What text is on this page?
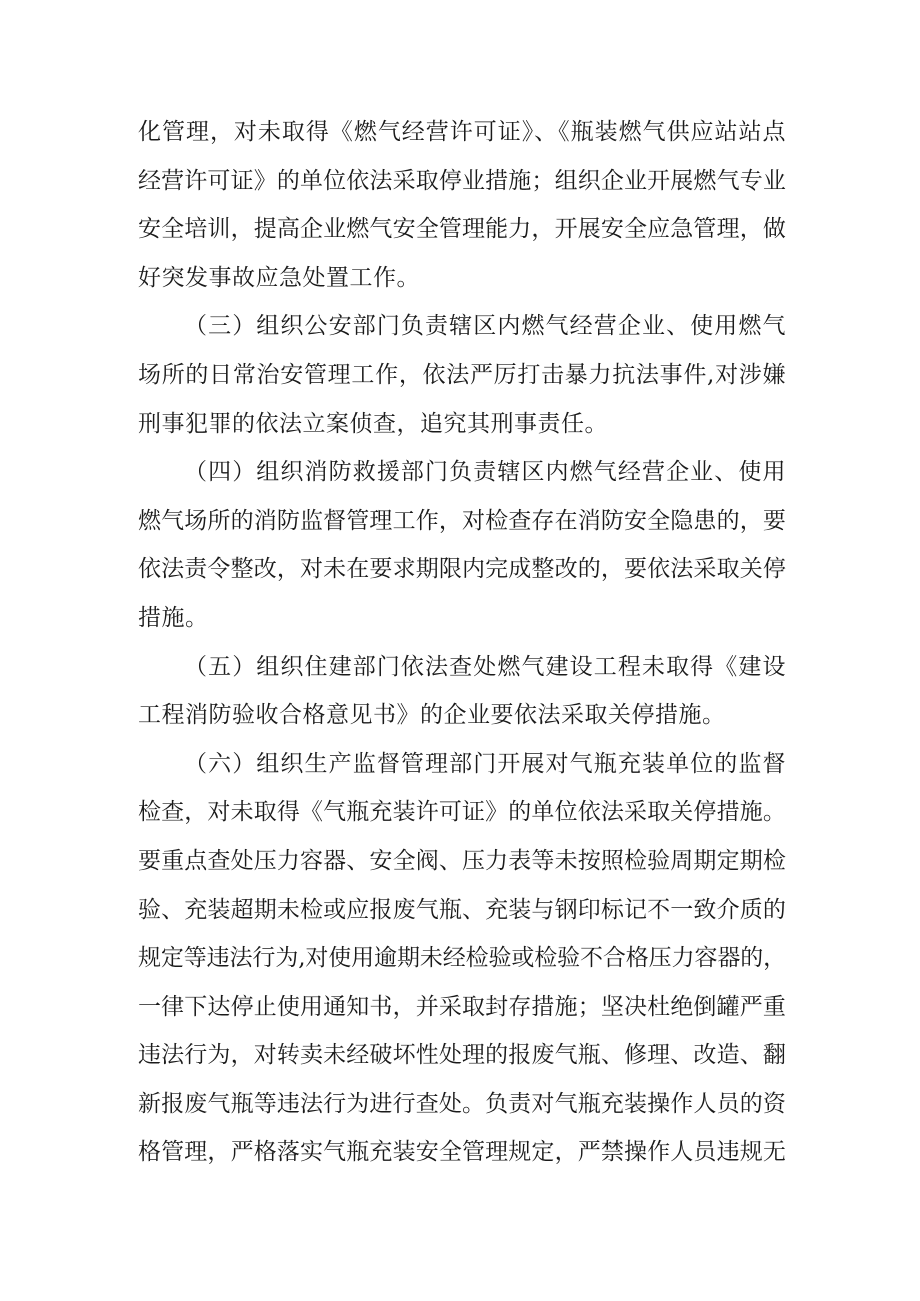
化管理，对未取得《燃气经营许可证》、《瓶装燃气供应站站点
经营许可证》的单位依法采取停业措施；组织企业开展燃气专业
安全培训，提高企业燃气安全管理能力，开展安全应急管理，做
好突发事故应急处置工作。
（三）组织公安部门负责辖区内燃气经营企业、使用燃气
场所的日常治安管理工作，依法严厉打击暴力抗法事件,对涉嫌
刑事犯罪的依法立案侦查，追究其刑事责任。
（四）组织消防救援部门负责辖区内燃气经营企业、使用
燃气场所的消防监督管理工作，对检查存在消防安全隐患的，要
依法责令整改，对未在要求期限内完成整改的，要依法采取关停
措施。
（五）组织住建部门依法查处燃气建设工程未取得《建设
工程消防验收合格意见书》的企业要依法采取关停措施。
（六）组织生产监督管理部门开展对气瓶充装单位的监督
检查，对未取得《气瓶充装许可证》的单位依法采取关停措施。
要重点查处压力容器、安全阀、压力表等未按照检验周期定期检
验、充装超期未检或应报废气瓶、充装与钢印标记不一致介质的
规定等违法行为,对使用逾期未经检验或检验不合格压力容器的，
一律下达停止使用通知书，并采取封存措施；坚决杜绝倒罐严重
违法行为，对转卖未经破坏性处理的报废气瓶、修理、改造、翻
新报废气瓶等违法行为进行查处。负责对气瓶充装操作人员的资
格管理，严格落实气瓶充装安全管理规定，严禁操作人员违规无
